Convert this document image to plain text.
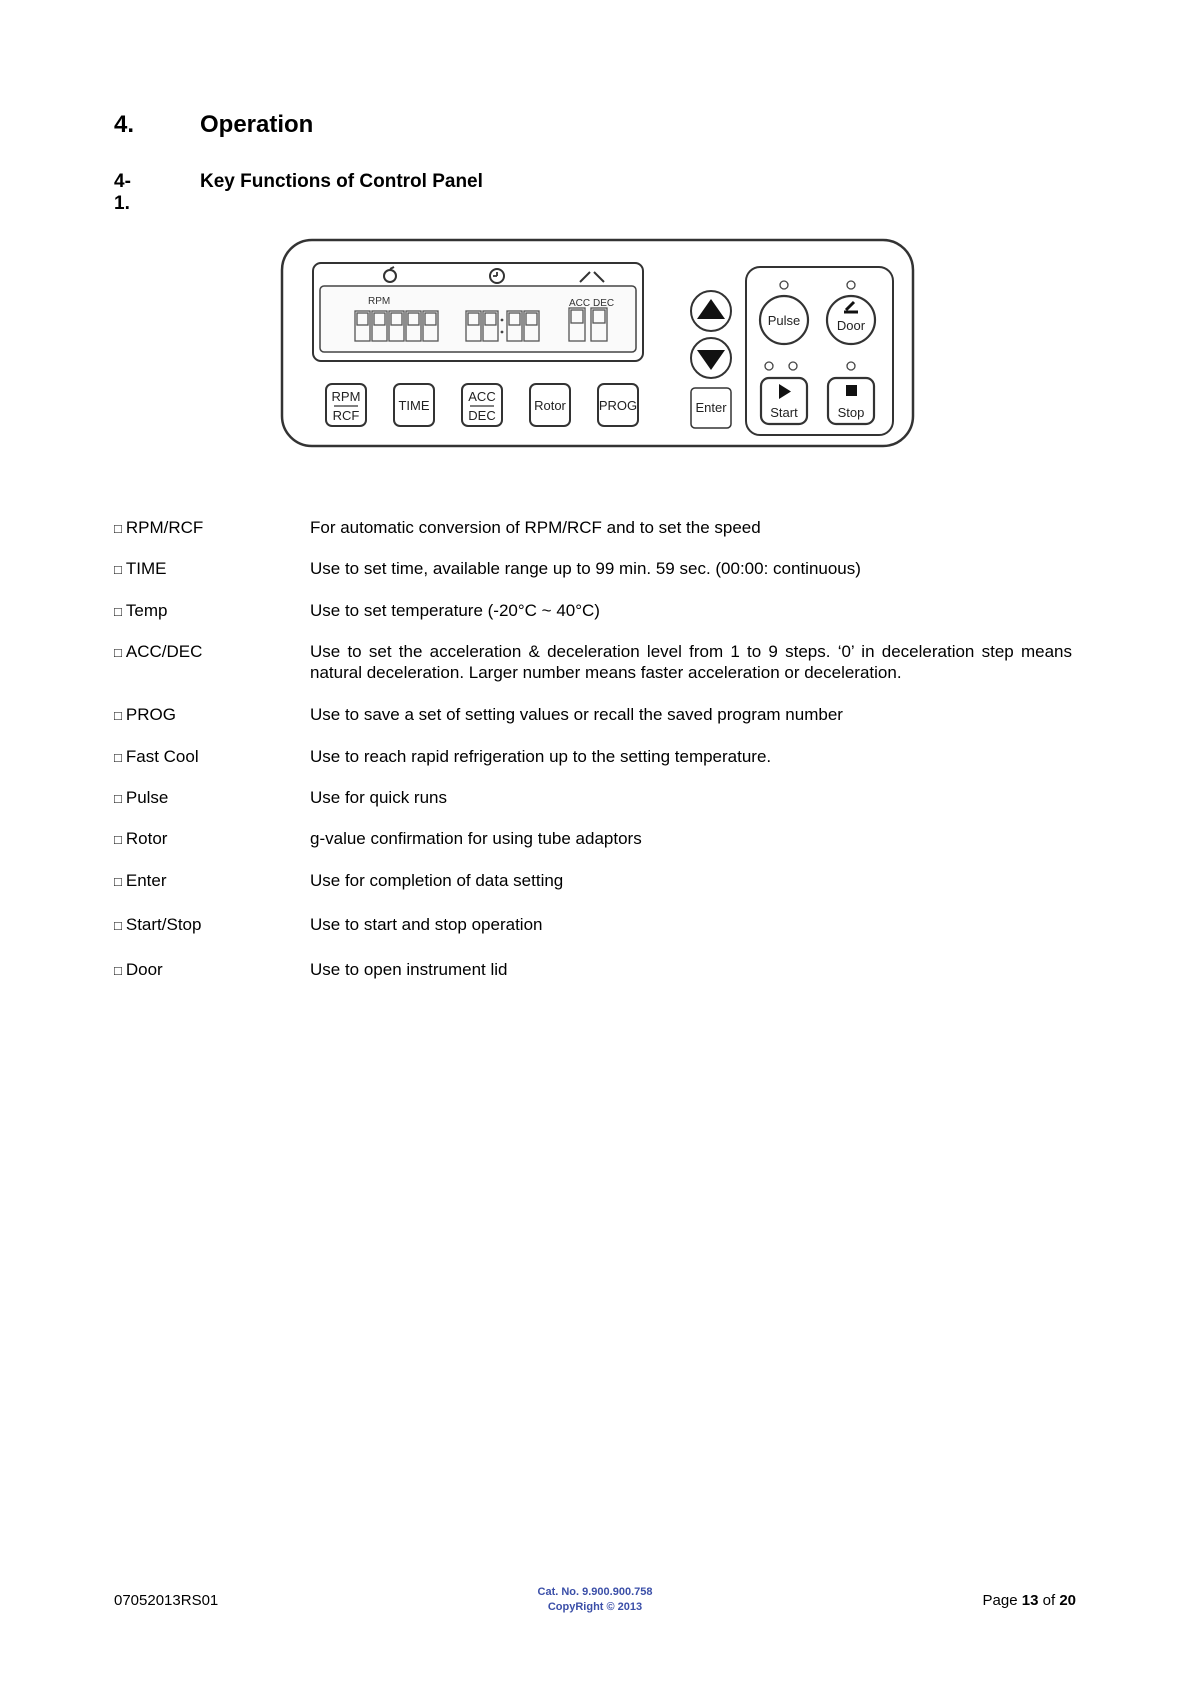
4.	Operation
4-1.
Key Functions of Control Panel
RPM	ACC DEC
RPM
RCF
TIME
ACC
DEC
Rotor	PROG	Enter
Pulse	Door
Start	Stop
□ RPM/RCF	For automatic conversion of RPM/RCF and to set the speed
□ TIME	Use to set time, available range up to 99 min. 59 sec. (00:00: continuous)
□ Temp	Use to set temperature (-20°C ~ 40°C)
□ ACC/DEC	Use to set the acceleration & deceleration level from 1 to 9 steps. ‘0’ in deceleration step means natural deceleration. Larger number means faster acceleration or deceleration.
□ PROG	Use to save a set of setting values or recall the saved program number
□ Fast Cool	Use to reach rapid refrigeration up to the setting temperature.
□ Pulse	Use for quick runs
□ Rotor	g-value confirmation for using tube adaptors
□ Enter	Use for completion of data setting
□ Start/Stop	Use to start and stop operation
□ Door	Use to open instrument lid
07052013RS01	Cat. No. 9.900.900.758
CopyRight © 2013	Page 13 of 20
